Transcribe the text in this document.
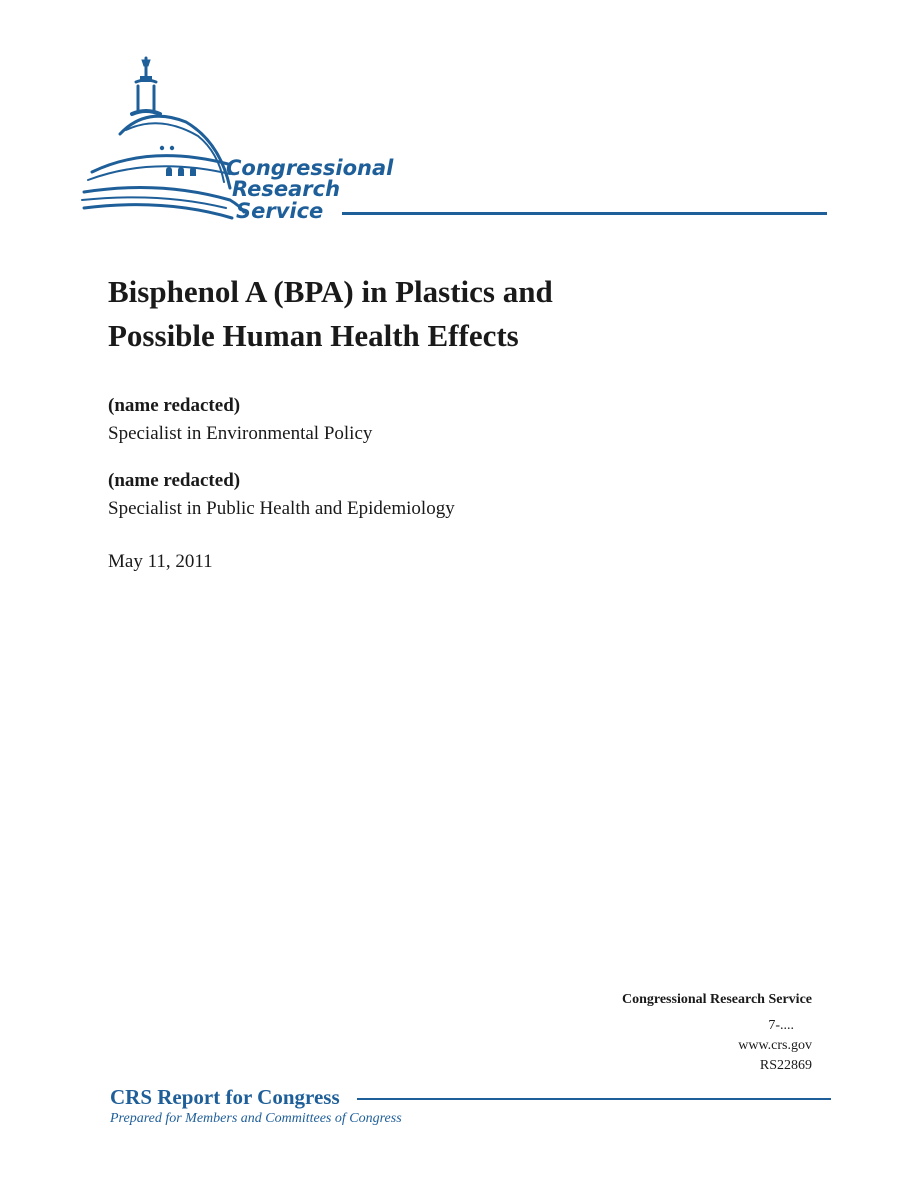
Congressional
Research
Service
Bisphenol A (BPA) in Plastics and
Possible Human Health Effects
(name redacted)
Specialist in Environmental Policy
(name redacted)
Specialist in Public Health and Epidemiology
May 11, 2011
Congressional Research Service
7-....
www.crs.gov
RS22869
CRS Report for Congress
Prepared for Members and Committees of Congress
